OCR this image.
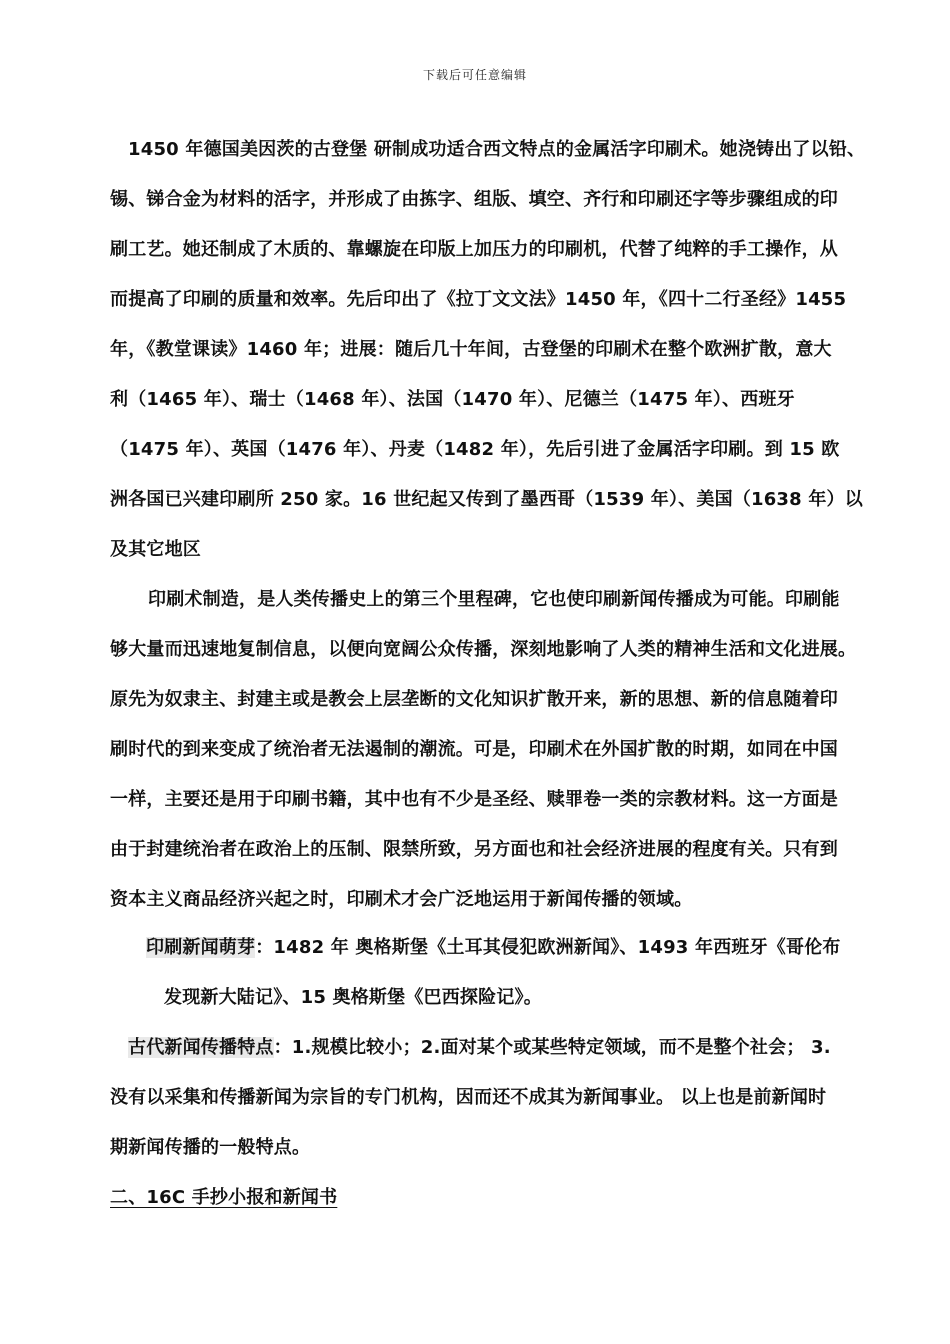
下载后可任意编辑
1450 年德国美因茨的古登堡 研制成功适合西文特点的金属活字印刷术。她浇铸出了以铅、
锡、锑合金为材料的活字，并形成了由拣字、组版、填空、齐行和印刷还字等步骤组成的印
刷工艺。她还制成了木质的、靠螺旋在印版上加压力的印刷机，代替了纯粹的手工操作，从
而提高了印刷的质量和效率。先后印出了《拉丁文文法》1450 年，《四十二行圣经》1455
年，《教堂课读》1460 年；进展：随后几十年间，古登堡的印刷术在整个欧洲扩散，意大
利（1465 年）、瑞士（1468 年）、法国（1470 年）、尼德兰（1475 年）、西班牙
（1475 年）、英国（1476 年）、丹麦（1482 年），先后引进了金属活字印刷。到 15 欧
洲各国已兴建印刷所 250 家。16 世纪起又传到了墨西哥（1539 年）、美国（1638 年）以
及其它地区
印刷术制造，是人类传播史上的第三个里程碑，它也使印刷新闻传播成为可能。印刷能
够大量而迅速地复制信息，以便向宽阔公众传播，深刻地影响了人类的精神生活和文化进展。
原先为奴隶主、封建主或是教会上层垄断的文化知识扩散开来，新的思想、新的信息随着印
刷时代的到来变成了统治者无法遏制的潮流。可是，印刷术在外国扩散的时期，如同在中国
一样，主要还是用于印刷书籍，其中也有不少是圣经、赎罪卷一类的宗教材料。这一方面是
由于封建统治者在政治上的压制、限禁所致，另方面也和社会经济进展的程度有关。只有到
资本主义商品经济兴起之时，印刷术才会广泛地运用于新闻传播的领域。
印刷新闻萌芽：1482 年 奥格斯堡《土耳其侵犯欧洲新闻》、1493 年西班牙《哥伦布
发现新大陆记》、15 奥格斯堡《巴西探险记》。
古代新闻传播特点：1.规模比较小；2.面对某个或某些特定领域，而不是整个社会； 3.
没有以采集和传播新闻为宗旨的专门机构，因而还不成其为新闻事业。 以上也是前新闻时
期新闻传播的一般特点。
二、16C 手抄小报和新闻书
